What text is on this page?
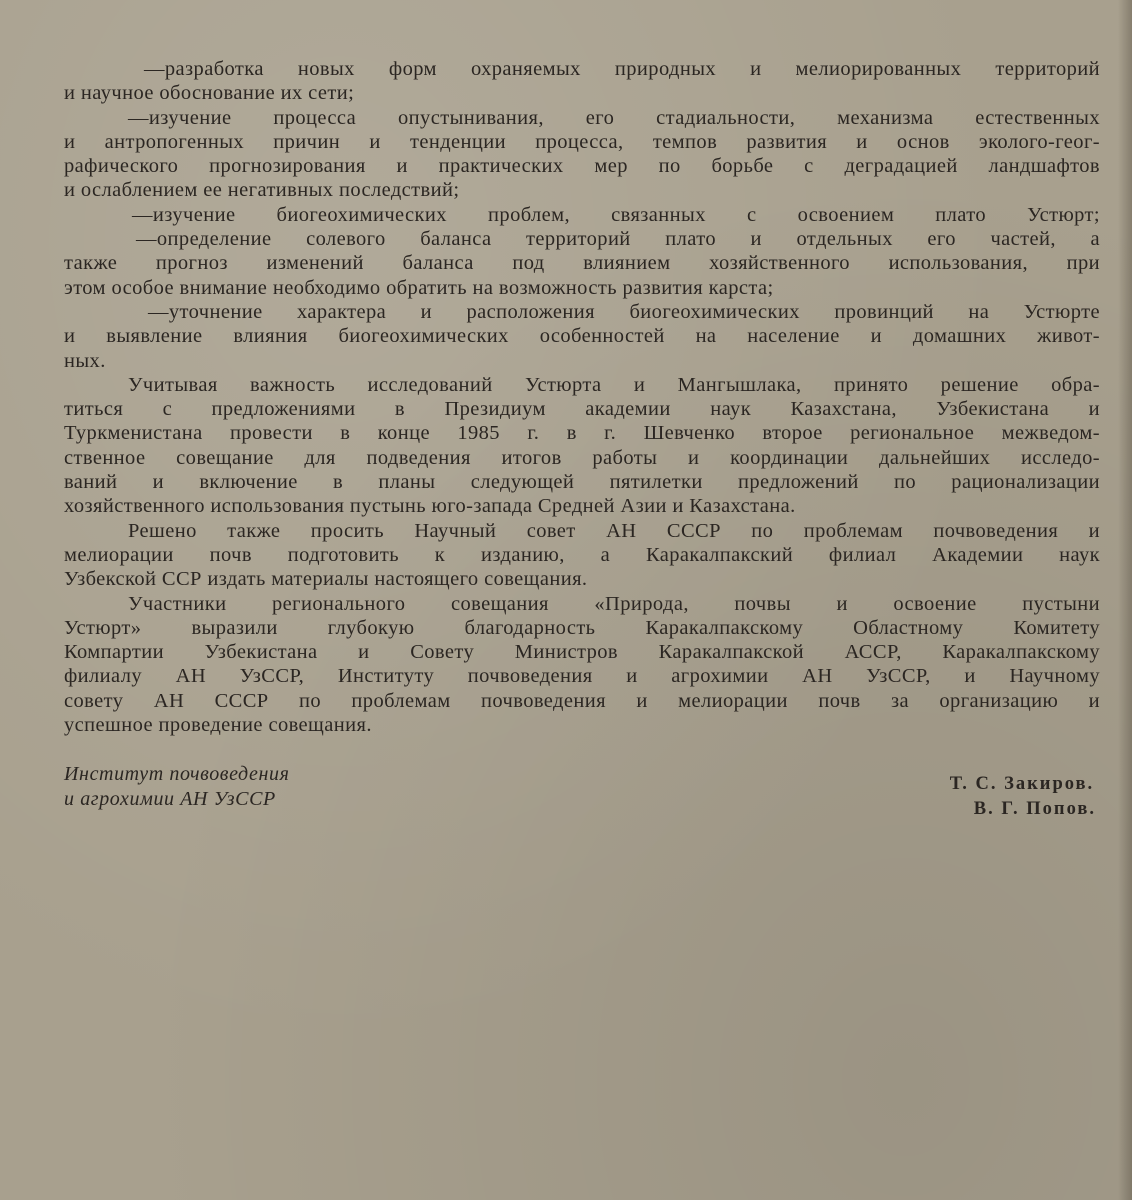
—разработка новых форм охраняемых природных и мелиорированных территорий
и научное обоснование их сети;
—изучение процесса опустынивания, его стадиальности, механизма естественных
и антропогенных причин и тенденции процесса, темпов развития и основ эколого-геог-
рафического прогнозирования и практических мер по борьбе с деградацией ландшафтов
и ослаблением ее негативных последствий;
—изучение биогеохимических проблем, связанных с освоением плато Устюрт;
—определение солевого баланса территорий плато и отдельных его частей, а
также прогноз изменений баланса под влиянием хозяйственного использования, при
этом особое внимание необходимо обратить на возможность развития карста;
—уточнение характера и расположения биогеохимических провинций на Устюрте
и выявление влияния биогеохимических особенностей на население и домашних живот-
ных.
Учитывая важность исследований Устюрта и Мангышлака, принято решение обра-
титься с предложениями в Президиум академии наук Казахстана, Узбекистана и
Туркменистана провести в конце 1985 г. в г. Шевченко второе региональное межведом-
ственное совещание для подведения итогов работы и координации дальнейших исследо-
ваний и включение в планы следующей пятилетки предложений по рационализации
хозяйственного использования пустынь юго-запада Средней Азии и Казахстана.
Решено также просить Научный совет АН СССР по проблемам почвоведения и
мелиорации почв подготовить к изданию, а Каракалпакский филиал Академии наук
Узбекской ССР издать материалы настоящего совещания.
Участники регионального совещания «Природа, почвы и освоение пустыни
Устюрт» выразили глубокую благодарность Каракалпакскому Областному Комитету
Компартии Узбекистана и Совету Министров Каракалпакской АССР, Каракалпакскому
филиалу АН УзССР, Институту почвоведения и агрохимии АН УзССР, и Научному
совету АН СССР по проблемам почвоведения и мелиорации почв за организацию и
успешное проведение совещания.
Институт почвоведения
и агрохимии АН УзССР
Т. С. Закиров.
В. Г. Попов.
